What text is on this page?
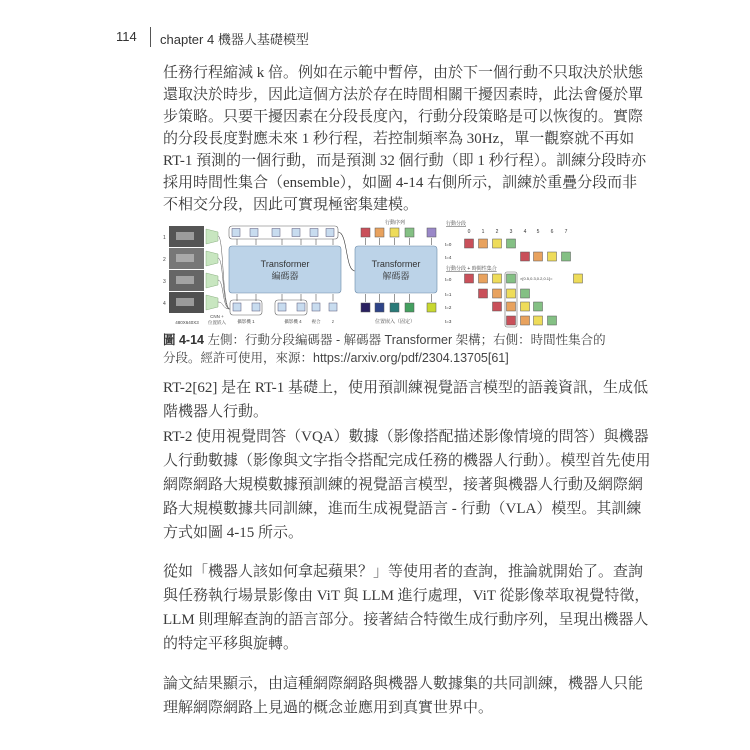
114 chapter 4 機器人基礎模型
任務行程縮減 k 倍。例如在示範中暫停，由於下一個行動不只取決於狀態
還取決於時步，因此這個方法於存在時間相關干擾因素時，此法會優於單
步策略。只要干擾因素在分段長度內，行動分段策略是可以恢復的。實際
的分段長度對應未來 1 秒行程，若控制頻率為 30Hz，單一觀察就不再如
RT-1 預測的一個行動，而是預測 32 個行動（即 1 秒行程）。訓練分段時亦
採用時間性集合（ensemble），如圖 4-14 右側所示，訓練於重疊分段而非
不相交分段，因此可實現極密集建模。
RT-2[62] 是在 RT-1 基礎上，使用預訓練視覺語言模型的語義資訊，生成低
階機器人行動。
RT-2 使用視覺問答（VQA）數據（影像搭配描述影像情境的問答）與機器
人行動數據（影像與文字指令搭配完成任務的機器人行動）。模型首先使用
網際網路大規模數據預訓練的視覺語言模型，接著與機器人行動及網際網
路大規模數據共同訓練，進而生成視覺語言 - 行動（VLA）模型。其訓練
方式如圖 4-15 所示。
從如「機器人該如何拿起蘋果？」等使用者的查詢，推論就開始了。查詢
與任務執行場景影像由 ViT 與 LLM 進行處理，ViT 從影像萃取視覺特徵，
LLM 則理解查詢的語言部分。接著結合特徵生成行動序列，呈現出機器人
的特定平移與旋轉。
論文結果顯示，由這種網際網路與機器人數據集的共同訓練，機器人只能
理解網際網路上見過的概念並應用到真實世界中。
1
2
3
4
Transformer
編碼器
Transformer
解碼器
480X640X3
CNN +
位置嵌入	攝影機 1	攝影機 4 複合	z
行動序列
位置嵌入（固定）
行動分段
行動分段 + 時間性集合
×[0.5,0.3,0.2,0.1]=
0 1 2 3 4 5 6 7
t=0
t=4
t=0
t=1
t=2
t=3
圖 4-14 左側：行動分段編碼器 - 解碼器 Transformer 架構；右側：時間性集合的
分段。經許可使用，來源：https://arxiv.org/pdf/2304.13705[61]
